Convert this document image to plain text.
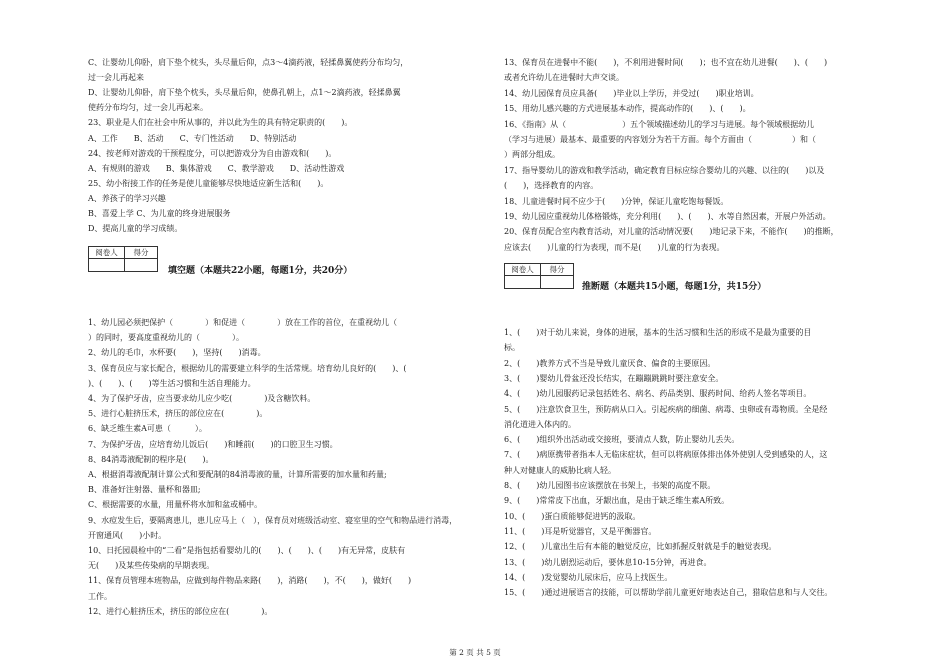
C、让婴幼儿仰卧，肩下垫个枕头，头尽量后仰，点3～4滴药液，轻揉鼻翼使药分布均匀，
过一会儿再起来
D、让婴幼儿仰卧，肩下垫个枕头，头尽量后仰，使鼻孔朝上，点1～2滴药液，轻揉鼻翼
使药分布均匀，过一会儿再起来。
23、职业是人们在社会中所从事的，并以此为生的具有特定职责的(　　)。
A、工作　　B、活动　　C、专门性活动　　D、特别活动
24、按老师对游戏的干预程度分，可以把游戏分为自由游戏和(　　)。
A、有规则的游戏　　B、集体游戏　　C、教学游戏　　D、活动性游戏
25、幼小衔接工作的任务是使儿童能够尽快地适应新生活和(　　)。
A、养孩子的学习兴趣
B、喜爱上学 C、为儿童的终身进展服务
D、提高儿童的学习成绩。
阅卷人	得分
填空题（本题共22小题，每题1分，共20分）
1、幼儿园必须把保护（　　　　）和促进（　　　　）放在工作的首位，在重视幼儿（
）的同时，要高度重视幼儿的（　　　　）。
2、幼儿的毛巾，水杯要(　　)，坚持(　　)消毒。
3、保育员应与家长配合，根据幼儿的需要建立科学的生活常规。培育幼儿良好的(　　)、(
)、(　　)、(　　)等生活习惯和生活自理能力。
4、为了保护牙齿，应当要求幼儿应少吃(　　　　)及含糖饮料。
5、进行心脏挤压术，挤压的部位应在(　　　　)。
6、缺乏维生素A可患（　　　）。
7、为保护牙齿，应培育幼儿饭后(　　)和睡前(　　)的口腔卫生习惯。
8、84消毒液配制的程序是(　　)。
A、根据消毒液配制计算公式和要配制的84消毒液的量，计算所需要的加水量和药量;
B、准备好注射器、量杯和器皿;
C、根据需要的水量，用量杯将水加和盆或桶中。
9、水痘发生后，要隔离患儿，患儿应马上（　），保育员对班级活动室、寝室里的空气和物品进行消毒，
开窗通风(　　)小时。
10、日托园晨检中的“二看”是指包括看婴幼儿的(　　)、(　　)、(　　)有无异常，皮肤有
无(　　)及某些传染病的早期表现。
11、保育员管理本班物品，应做到每件物品来路(　　)，消路(　　)，不(　　)，做好(　　)
工作。
12、进行心脏挤压术，挤压的部位应在(　　　　)。
13、保育员在进餐中不能(　　)，不利用进餐时间(　　)；也不宜在幼儿进餐(　　)、(　　)
或者允许幼儿在进餐时大声交谈。
14、幼儿园保育员应具备(　　)毕业以上学历，并受过(　　)职业培训。
15、用幼儿感兴趣的方式进展基本动作，提高动作的(　　)、(　　)。
16、《指南》从（　　　　　　　）五个领域描述幼儿的学习与进展。每个领域根据幼儿
（学习与进展）最基本、最重要的内容划分为若干方面。每个方面由（　　　　　）和（
）两部分组成。
17、指导婴幼儿的游戏和教学活动，确定教育目标应综合婴幼儿的兴趣、以往的(　　)以及
(　　)，选择教育的内容。
18、儿童进餐时间不应少于(　　)分钟，保证儿童吃饱每餐饭。
19、幼儿园应重视幼儿体格锻炼，充分利用(　　)、(　　)、水等自然因素，开展户外活动。
20、保育员配合室内教育活动，对儿童的活动情况要(　　)地记录下来，不能作(　　)的推断，
应该去(　　)儿童的行为表现，而不是(　　)儿童的行为表现。
阅卷人	得分
推断题（本题共15小题，每题1分，共15分）
1、(　　)对于幼儿来说，身体的进展，基本的生活习惯和生活的形成不是最为重要的目
标。
2、(　　)教养方式不当是导致儿童厌食、偏食的主要原因。
3、(　　)婴幼儿骨盆还没长结实，在蹦蹦跳跳时要注意安全。
4、(　　)幼儿园服药记录包括姓名、病名、药品类别、服药时间、给药人签名等项目。
5、(　　)注意饮食卫生，预防病从口入。引起疾病的细菌、病毒、虫卵或有毒物质。全是经
消化道进入体内的。
6、(　　)组织外出活动或交接班，要清点人数，防止婴幼儿丢失。
7、(　　)病原携带者指本人无临床症状，但可以将病原体排出体外使别人受到感染的人，这
种人对健康人的威胁比病人轻。
8、(　　)幼儿园图书应该摆放在书架上，书架的高度不限。
9、(　　)常常皮下出血，牙龈出血，是由于缺乏维生素A所致。
10、(　　)蛋白质能够促进钙的汲取。
11、(　　)耳是听觉器官，又是平衡器官。
12、(　　)儿童出生后有本能的触觉反应，比如抓握反射就是手的触觉表现。
13、(　　)幼儿剧烈运动后，要休息10-15分钟，再进食。
14、(　　)发觉婴幼儿尿床后，应马上找医生。
15、(　　)通过进展语言的技能，可以帮助学前儿童更好地表达自己，猎取信息和与人交往。
第 2 页 共 5 页
